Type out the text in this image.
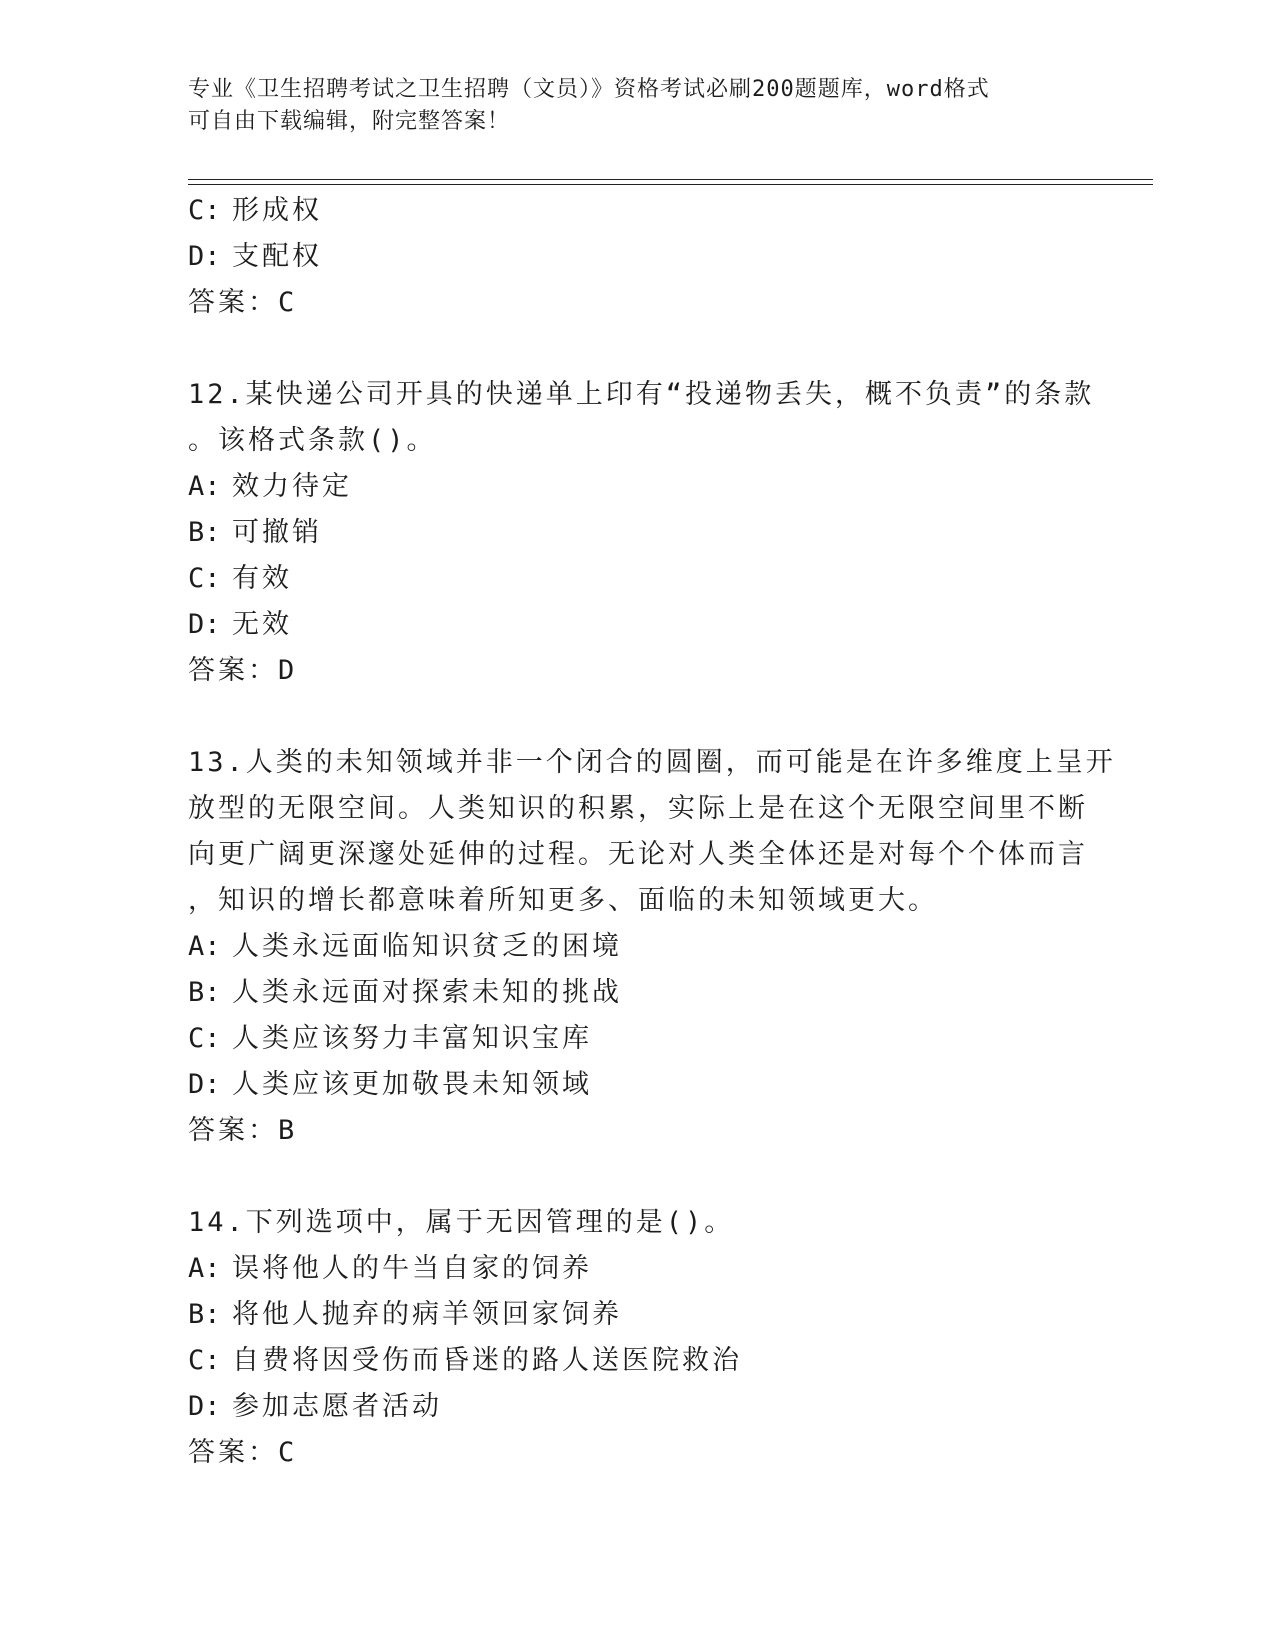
专业《卫生招聘考试之卫生招聘（文员）》资格考试必刷200题题库，word格式
可自由下载编辑，附完整答案！
C: 形成权
D: 支配权
答案：C
12.某快递公司开具的快递单上印有“投递物丢失，概不负责”的条款
。该格式条款()。
A: 效力待定
B: 可撤销
C: 有效
D: 无效
答案：D
13.人类的未知领域并非一个闭合的圆圈，而可能是在许多维度上呈开
放型的无限空间。人类知识的积累，实际上是在这个无限空间里不断
向更广阔更深邃处延伸的过程。无论对人类全体还是对每个个体而言
，知识的增长都意味着所知更多、面临的未知领域更大。
A: 人类永远面临知识贫乏的困境
B: 人类永远面对探索未知的挑战
C: 人类应该努力丰富知识宝库
D: 人类应该更加敬畏未知领域
答案：B
14.下列选项中，属于无因管理的是()。
A: 误将他人的牛当自家的饲养
B: 将他人抛弃的病羊领回家饲养
C: 自费将因受伤而昏迷的路人送医院救治
D: 参加志愿者活动
答案：C
